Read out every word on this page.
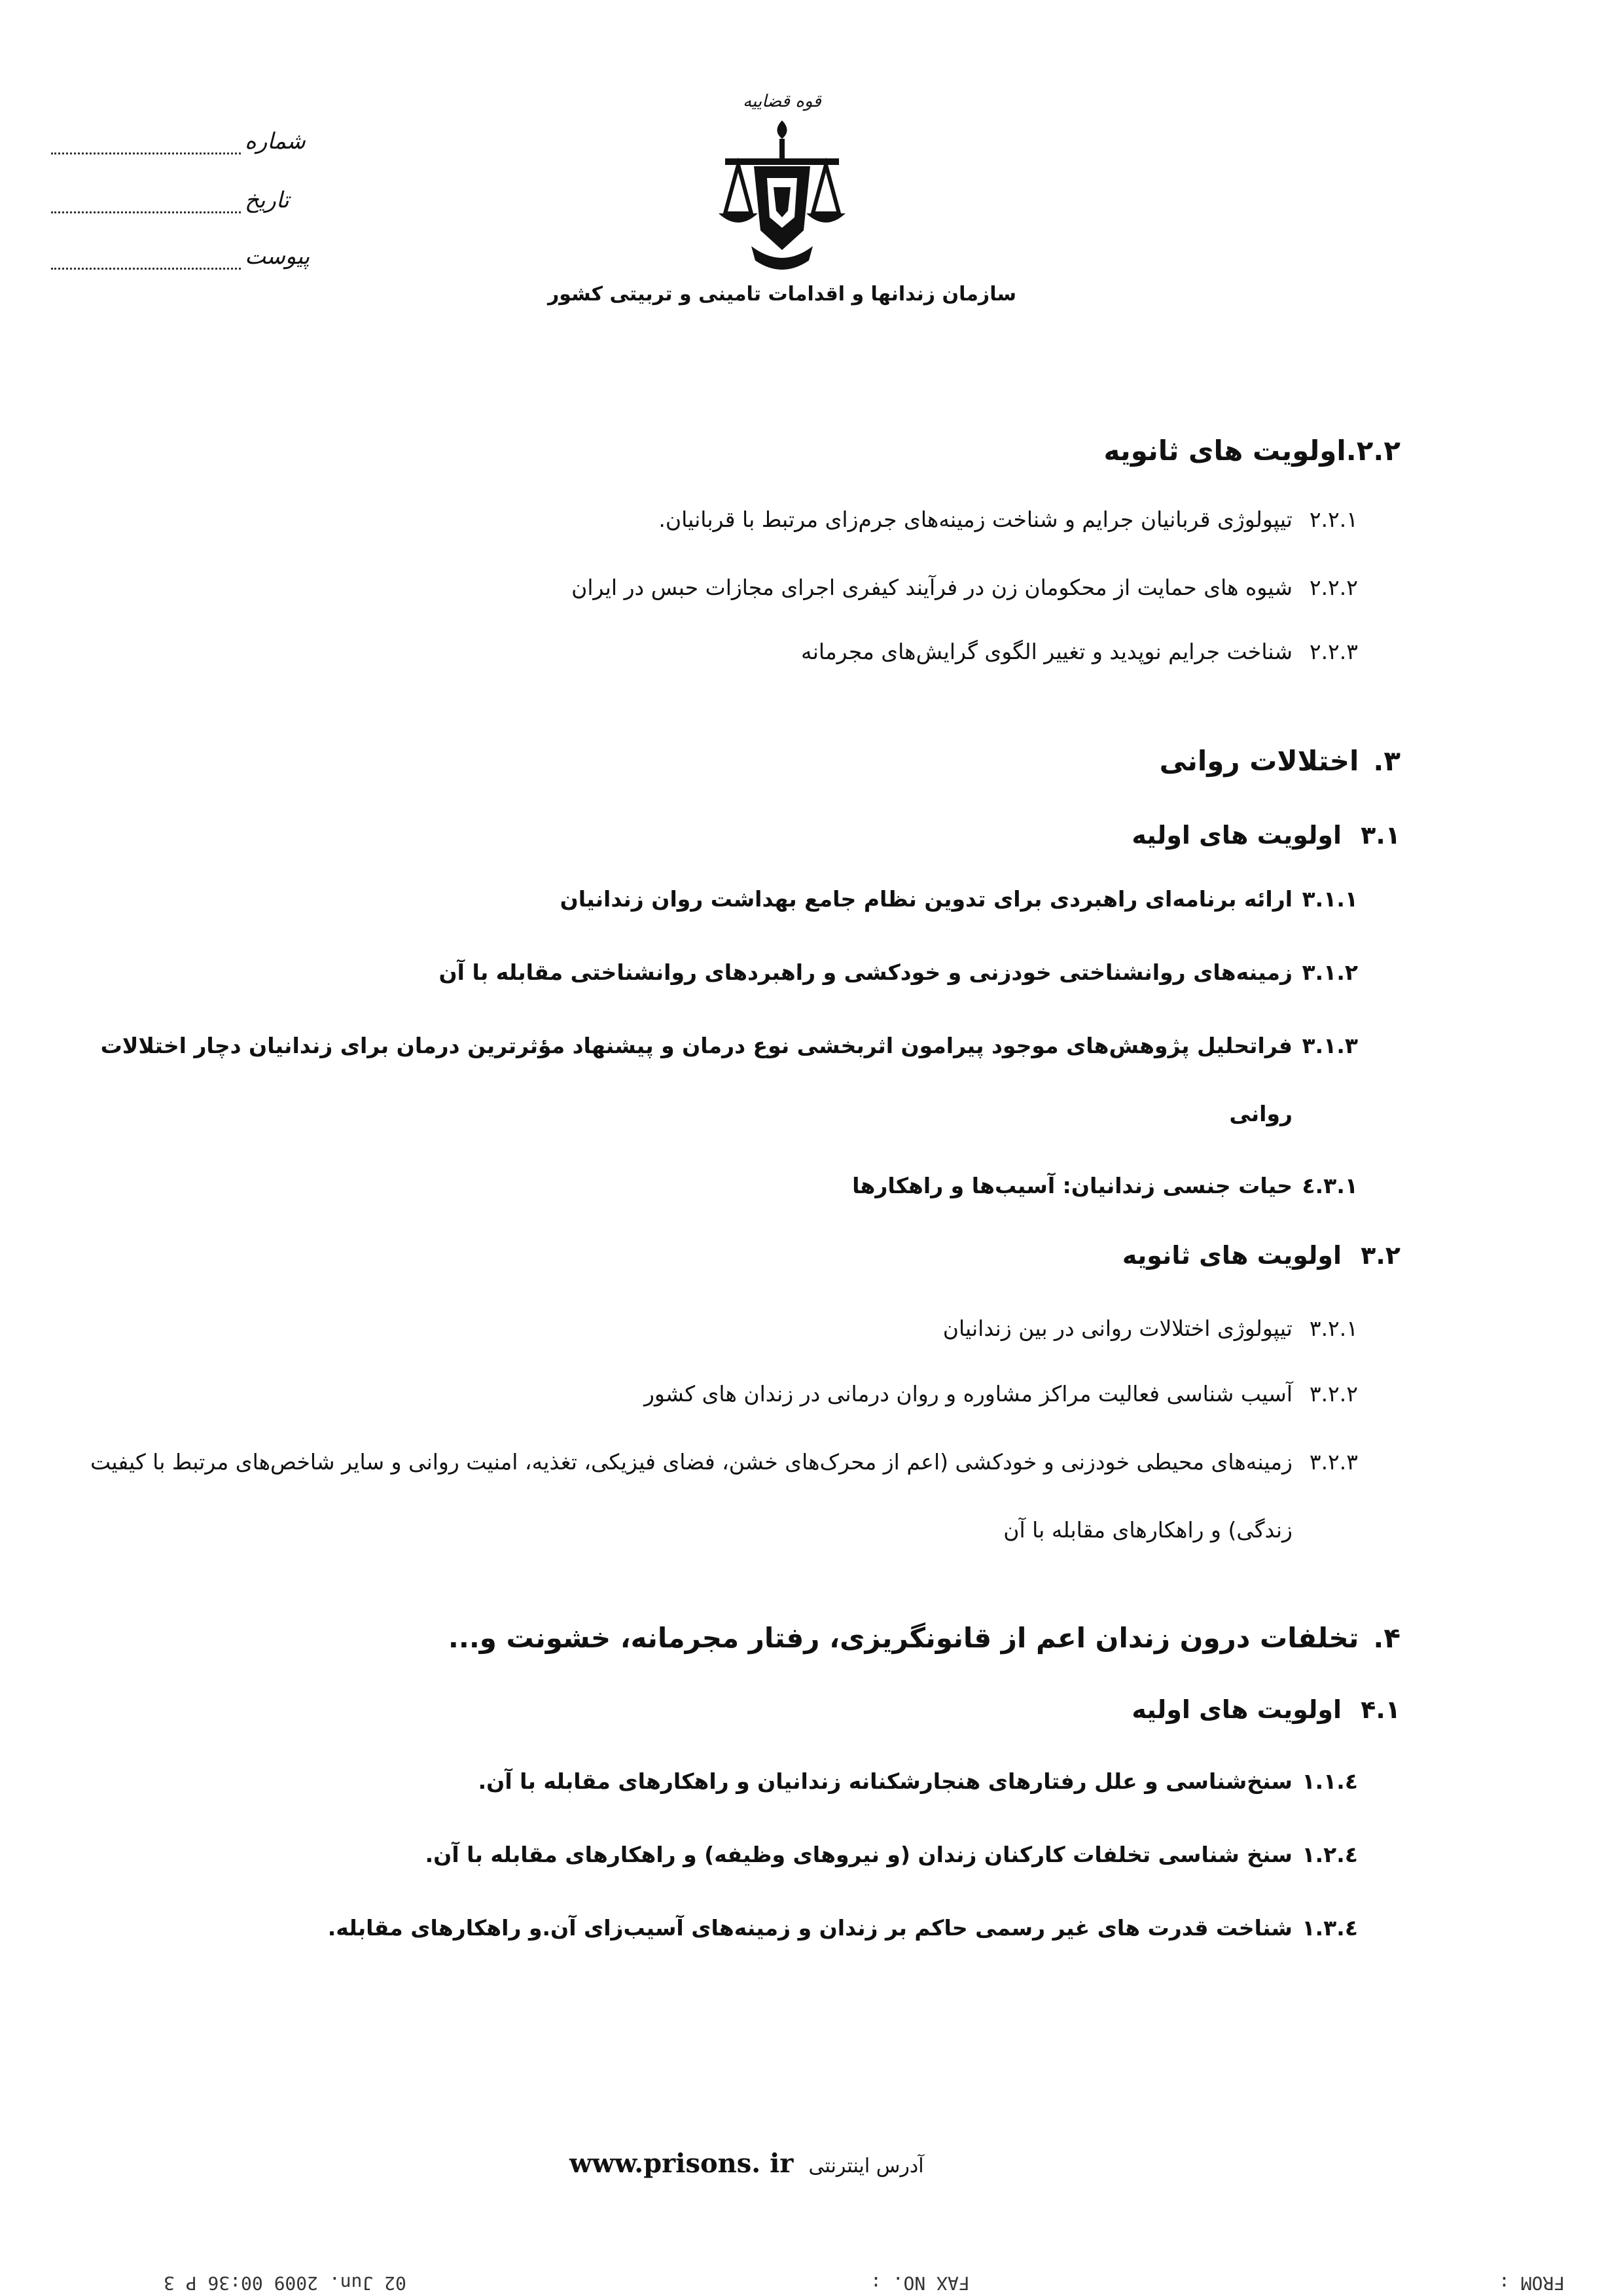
شماره
تاریخ
پیوست
قوه قضاییه
سازمان زندانها و اقدامات تامینی و تربیتی کشور
۲.۲.اولویت های ثانویه
۲.۲.۱
تیپولوژی قربانیان جرایم و شناخت زمینه‌های جرم‌زای مرتبط با قربانیان.
۲.۲.۲
شیوه های حمایت از محکومان زن در فرآیند کیفری اجرای مجازات حبس در ایران
۲.۲.۳
شناخت جرایم نوپدید و تغییر الگوی گرایش‌های مجرمانه
۳.اختلالات روانی
۳.۱اولویت های اولیه
۳.۱.۱
ارائه برنامه‌ای راهبردی برای تدوین نظام جامع بهداشت روان زندانیان
۳.۱.۲
زمینه‌های روانشناختی خودزنی و خودکشی و راهبردهای روانشناختی مقابله با آن
۳.۱.۳
فراتحلیل پژوهش‌های موجود پیرامون اثربخشی نوع درمان و پیشنهاد مؤثرترین درمان برای زندانیان دچار اختلالات روانی
۳.۱.٤
حیات جنسی زندانیان: آسیب‌ها و راهکارها
۳.۲اولویت های ثانویه
۳.۲.۱
تیپولوژی اختلالات روانی در بین زندانیان
۳.۲.۲
آسیب شناسی فعالیت مراکز مشاوره و روان درمانی در زندان های کشور
۳.۲.۳
زمینه‌های محیطی خودزنی و خودکشی (اعم از محرک‌های خشن، فضای فیزیکی، تغذیه، امنیت روانی و سایر شاخص‌های مرتبط با کیفیت زندگی) و راهکارهای مقابله با آن
۴.تخلفات درون زندان اعم از قانونگریزی، رفتار مجرمانه، خشونت و...
۴.۱اولویت های اولیه
٤.۱.۱
سنخ‌شناسی و علل رفتارهای هنجارشکنانه زندانیان و راهکارهای مقابله با آن.
٤.۱.۲
سنخ شناسی تخلفات کارکنان زندان (و نیروهای وظیفه) و راهکارهای مقابله با آن.
٤.۱.۳
شناخت قدرت های غیر رسمی حاکم بر زندان و زمینه‌های آسیب‌زای آن.و راهکارهای مقابله.
آدرس اینترنتی www.prisons. ir
02 Jun. 2009 00:36 P 3	FAX NO. :	FROM :
